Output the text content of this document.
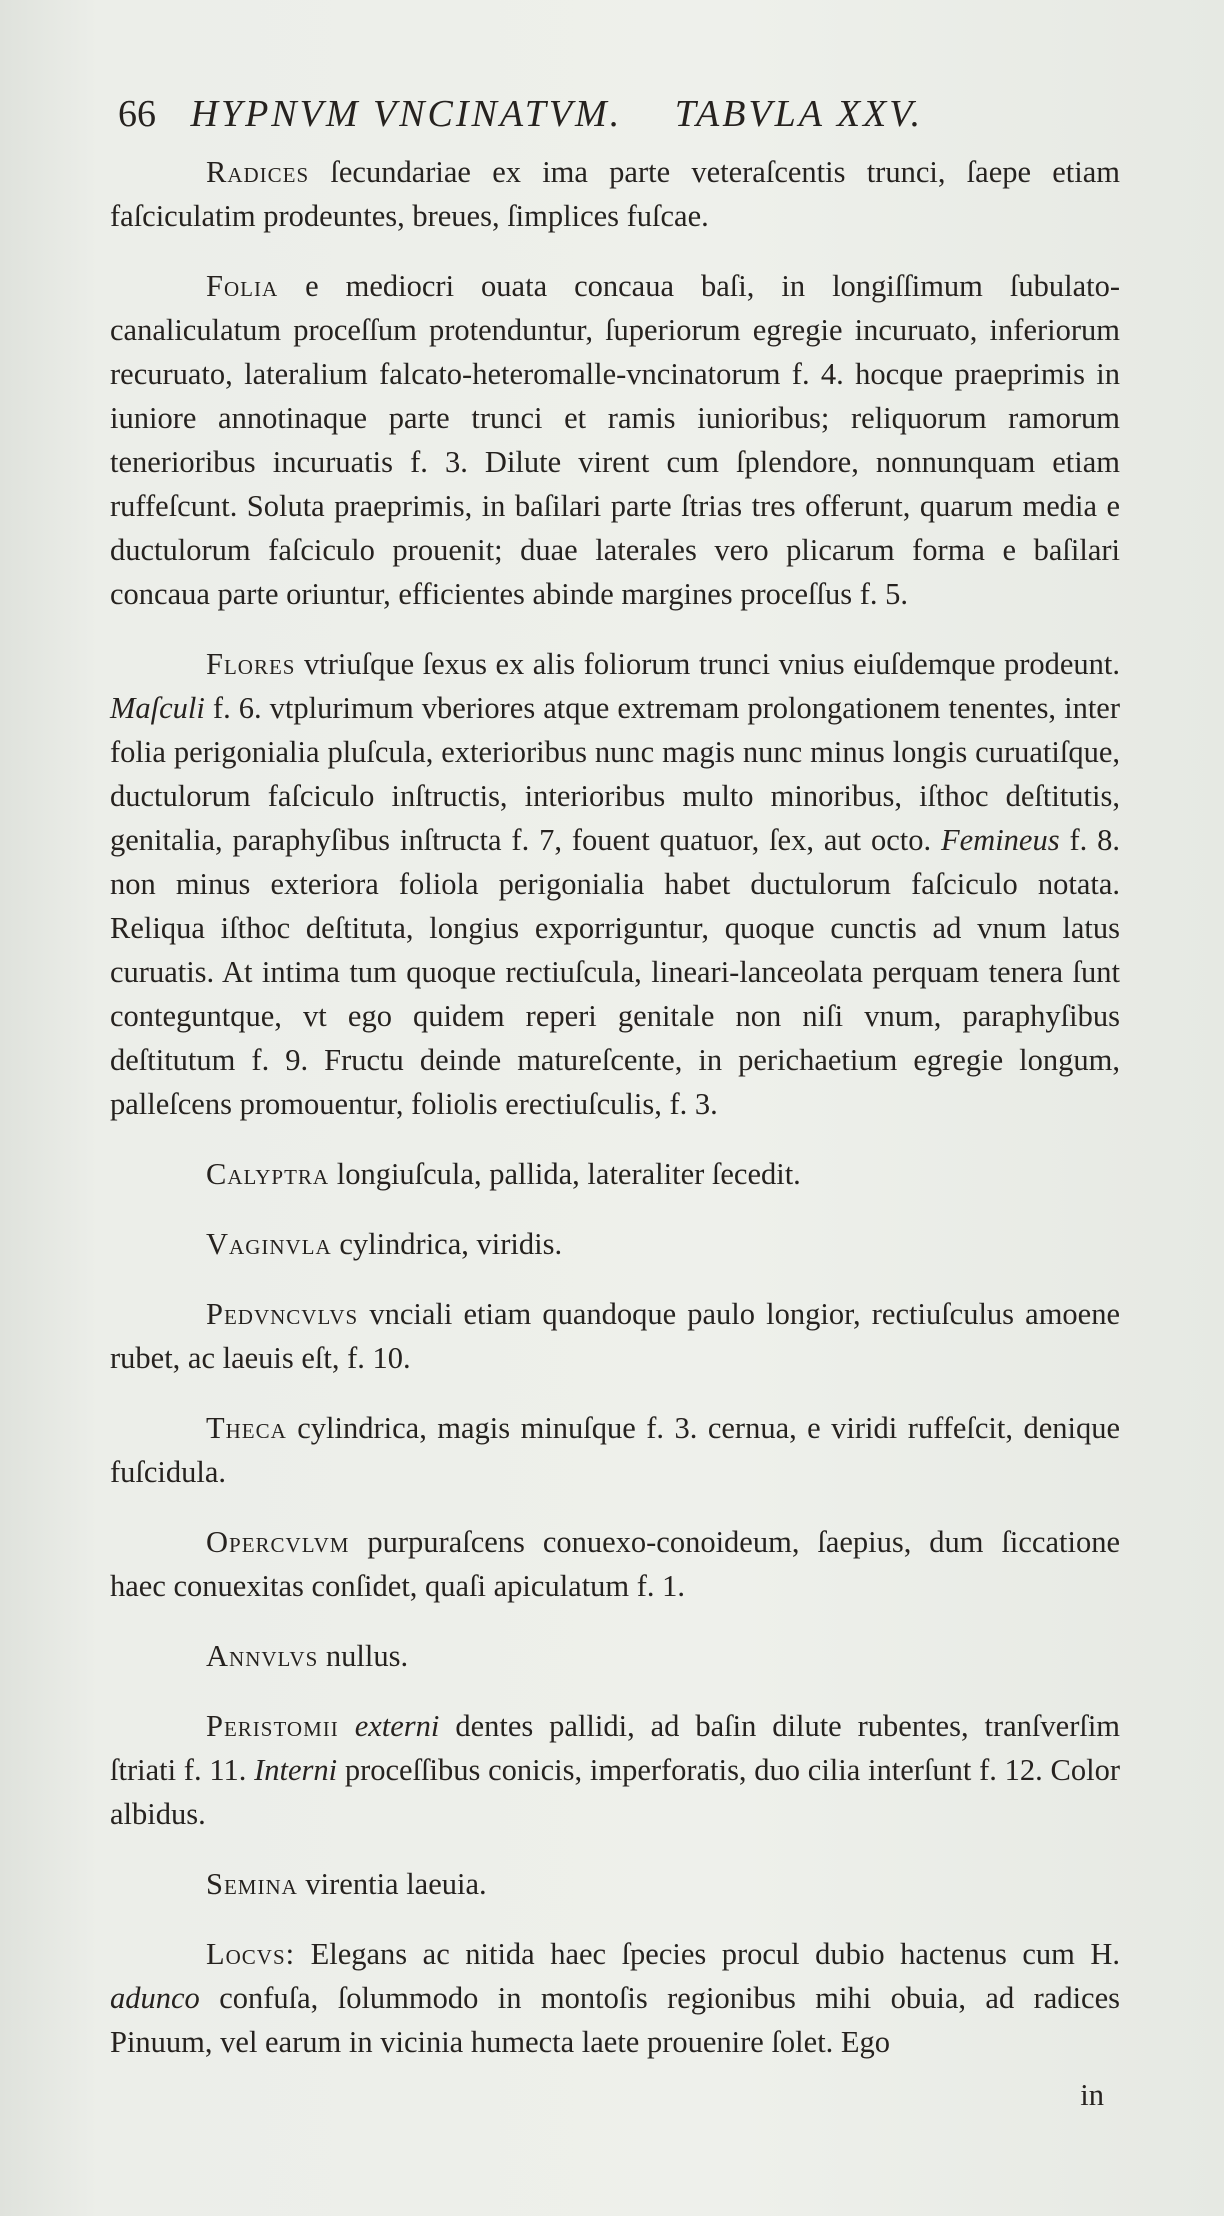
66 HYPNVM VNCINATVM. TABVLA XXV.

Radices ſecundariae ex ima parte veteraſcentis trunci, ſaepe etiam faſciculatim prodeuntes, breues, ſimplices fuſcae.

Folia e mediocri ouata concaua baſi, in longiſſimum ſubulato-canaliculatum proceſſum protenduntur, ſuperiorum egregie incuruato, inferiorum recuruato, lateralium falcato-heteromalle-vncinatorum f. 4. hocque praeprimis in iuniore annotinaque parte trunci et ramis iunioribus; reliquorum ramorum tenerioribus incuruatis f. 3. Dilute virent cum ſplendore, nonnunquam etiam ruffeſcunt. Soluta praeprimis, in baſilari parte ſtrias tres offerunt, quarum media e ductulorum faſciculo prouenit; duae laterales vero plicarum forma e baſilari concaua parte oriuntur, efficientes abinde margines proceſſus f. 5.

Flores vtriuſque ſexus ex alis foliorum trunci vnius eiuſdemque prodeunt. Maſculi f. 6. vtplurimum vberiores atque extremam prolongationem tenentes, inter folia perigonialia pluſcula, exterioribus nunc magis nunc minus longis curuatiſque, ductulorum faſciculo inſtructis, interioribus multo minoribus, iſthoc deſtitutis, genitalia, paraphyſibus inſtructa f. 7, fouent quatuor, ſex, aut octo. Femineus f. 8. non minus exteriora foliola perigonialia habet ductulorum faſciculo notata. Reliqua iſthoc deſtituta, longius exporriguntur, quoque cunctis ad vnum latus curuatis. At intima tum quoque rectiuſcula, lineari-lanceolata perquam tenera ſunt conteguntque, vt ego quidem reperi genitale non niſi vnum, paraphyſibus deſtitutum f. 9. Fructu deinde matureſcente, in perichaetium egregie longum, palleſcens promouentur, foliolis erectiuſculis, f. 3.

Calyptra longiuſcula, pallida, lateraliter ſecedit.

Vaginvla cylindrica, viridis.

Pedvncvlvs vnciali etiam quandoque paulo longior, rectiuſculus amoene rubet, ac laeuis eſt, f. 10.

Theca cylindrica, magis minuſque f. 3. cernua, e viridi ruffeſcit, denique fuſcidula.

Opercvlvm purpuraſcens conuexo-conoideum, ſaepius, dum ſiccatione haec conuexitas conſidet, quaſi apiculatum f. 1.

Annvlvs nullus.

Peristomii externi dentes pallidi, ad baſin dilute rubentes, tranſverſim ſtriati f. 11. Interni proceſſibus conicis, imperforatis, duo cilia interſunt f. 12. Color albidus.

Semina virentia laeuia.

Locvs: Elegans ac nitida haec ſpecies procul dubio hactenus cum H. adunco confuſa, ſolummodo in montoſis regionibus mihi obuia, ad radices Pinuum, vel earum in vicinia humecta laete prouenire ſolet. Ego

in
